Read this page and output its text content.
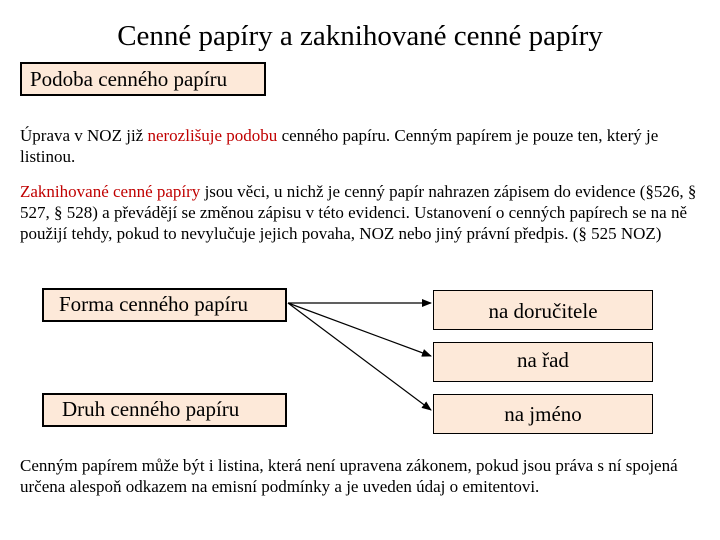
Cenné papíry a zaknihované cenné papíry
Podoba cenného papíru
Úprava v NOZ již nerozlišuje podobu cenného papíru. Cenným papírem je pouze ten, který je listinou.
Zaknihované cenné papíry jsou věci, u nichž je cenný papír nahrazen zápisem do evidence (§526, § 527, § 528) a převádějí se změnou zápisu v této evidenci. Ustanovení o cenných papírech se na ně použijí tehdy, pokud to nevylučuje jejich povaha, NOZ nebo jiný právní předpis. (§ 525 NOZ)
Forma cenného papíru
Druh cenného papíru
na doručitele
na řad
na jméno
Cenným papírem může být i listina, která není upravena zákonem, pokud jsou práva s ní spojená určena alespoň odkazem na emisní podmínky a je uveden údaj o emitentovi.
